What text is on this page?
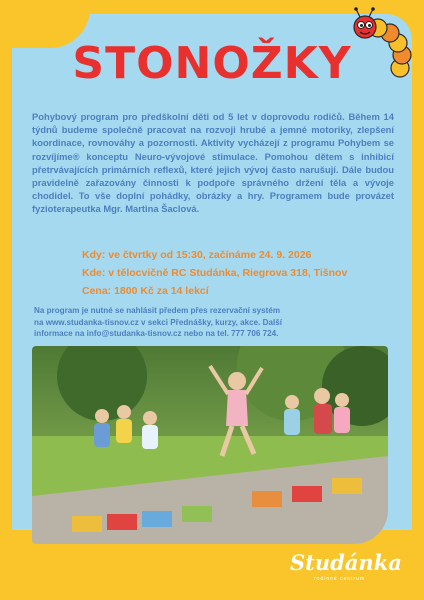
STONOŽKY

Pohybový program pro předškolní děti od 5 let v doprovodu rodičů. Během 14 týdnů budeme společně pracovat na rozvoji hrubé a jemné motoriky, zlepšení koordinace, rovnováhy a pozornosti. Aktivity vycházejí z programu Pohybem se rozvíjíme® konceptu Neuro-vývojové stimulace. Pomohou dětem s inhibicí přetrvávajících primárních reflexů, které jejich vývoj často narušují. Dále budou pravidelně zařazovány činnosti k podpoře správného držení těla a vývoje chodidel. To vše doplní pohádky, obrázky a hry. Programem bude provázet fyzioterapeutka Mgr. Martina Šaclová.

Kdy: ve čtvrtky od 15:30, začínáme 24. 9. 2026

Kde: v tělocvičně RC Studánka, Riegrova 318, Tišnov

Cena: 1800 Kč za 14 lekcí

Na program je nutné se nahlásit předem přes rezervační systém na www.studanka-tisnov.cz v sekci Přednášky, kurzy, akce. Další informace na info@studanka-tisnov.cz nebo na tel. 777 706 724.

Studánka
rodinné centrum
